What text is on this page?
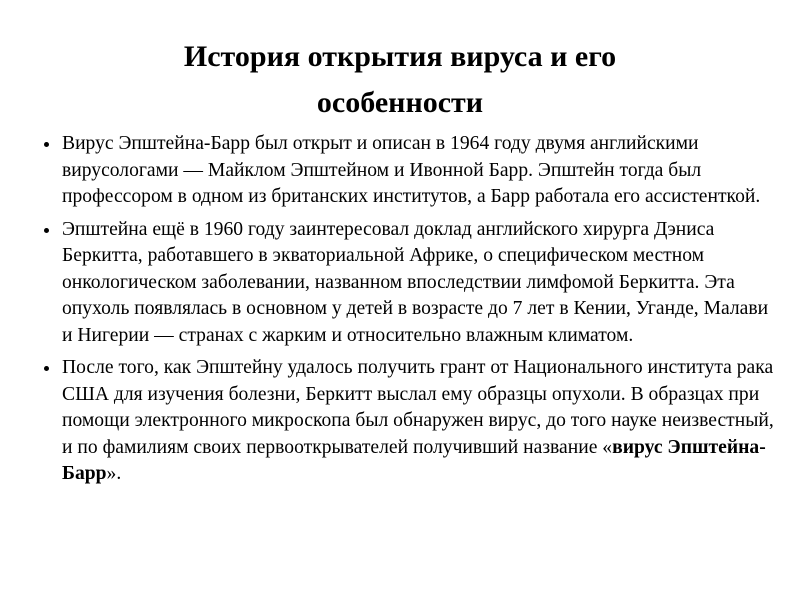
История открытия вируса и его
особенности
Вирус Эпштейна-Барр был открыт и описан в 1964 году двумя английскими вирусологами — Майклом Эпштейном и Ивонной Барр. Эпштейн тогда был профессором в одном из британских институтов, а Барр работала его ассистенткой.
Эпштейна ещё в 1960 году заинтересовал доклад английского хирурга Дэниса Беркитта, работавшего в экваториальной Африке, о специфическом местном онкологическом заболевании, названном впоследствии лимфомой Беркитта. Эта опухоль появлялась в основном у детей в возрасте до 7 лет в Кении, Уганде, Малави и Нигерии — странах с жарким и относительно влажным климатом.
После того, как Эпштейну удалось получить грант от Национального института рака США для изучения болезни, Беркитт выслал ему образцы опухоли. В образцах при помощи электронного микроскопа был обнаружен вирус, до того науке неизвестный, и по фамилиям своих первооткрывателей получивший название «вирус Эпштейна-Барр».
